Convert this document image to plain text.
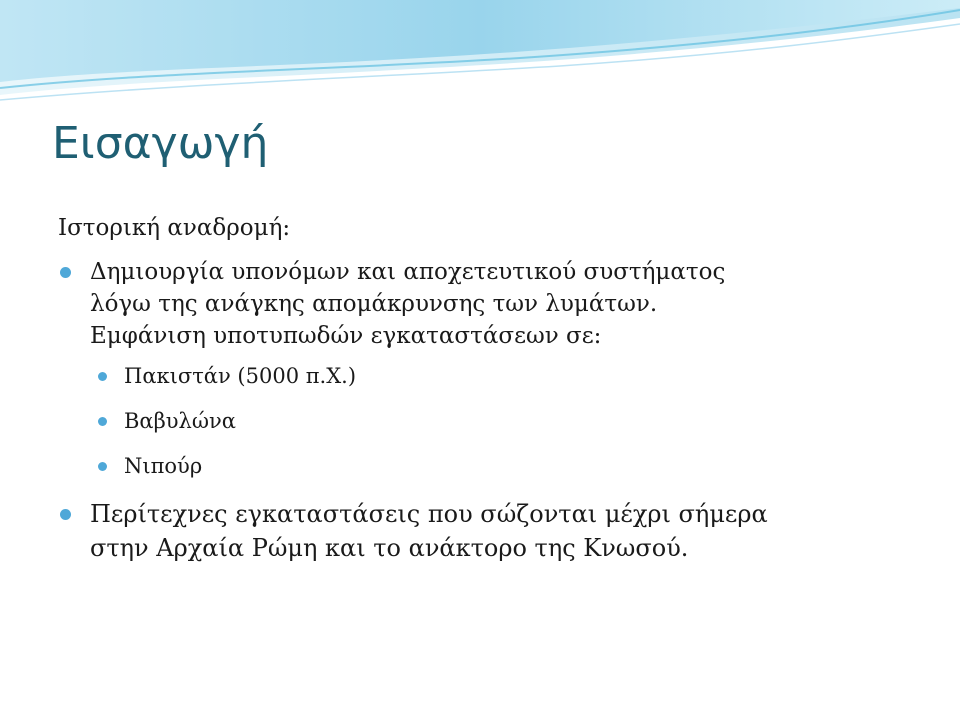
Εισαγωγή

Ιστορική αναδρομή:

Δημιουργία υπονόμων και αποχετευτικού συστήματος
λόγω της ανάγκης απομάκρυνσης των λυμάτων.
Εμφάνιση υποτυπωδών εγκαταστάσεων σε:
Πακιστάν (5000 π.Χ.)
Βαβυλώνα
Νιπούρ
Περίτεχνες εγκαταστάσεις που σώζονται μέχρι σήμερα
στην Αρχαία Ρώμη και το ανάκτορο της Κνωσού.
